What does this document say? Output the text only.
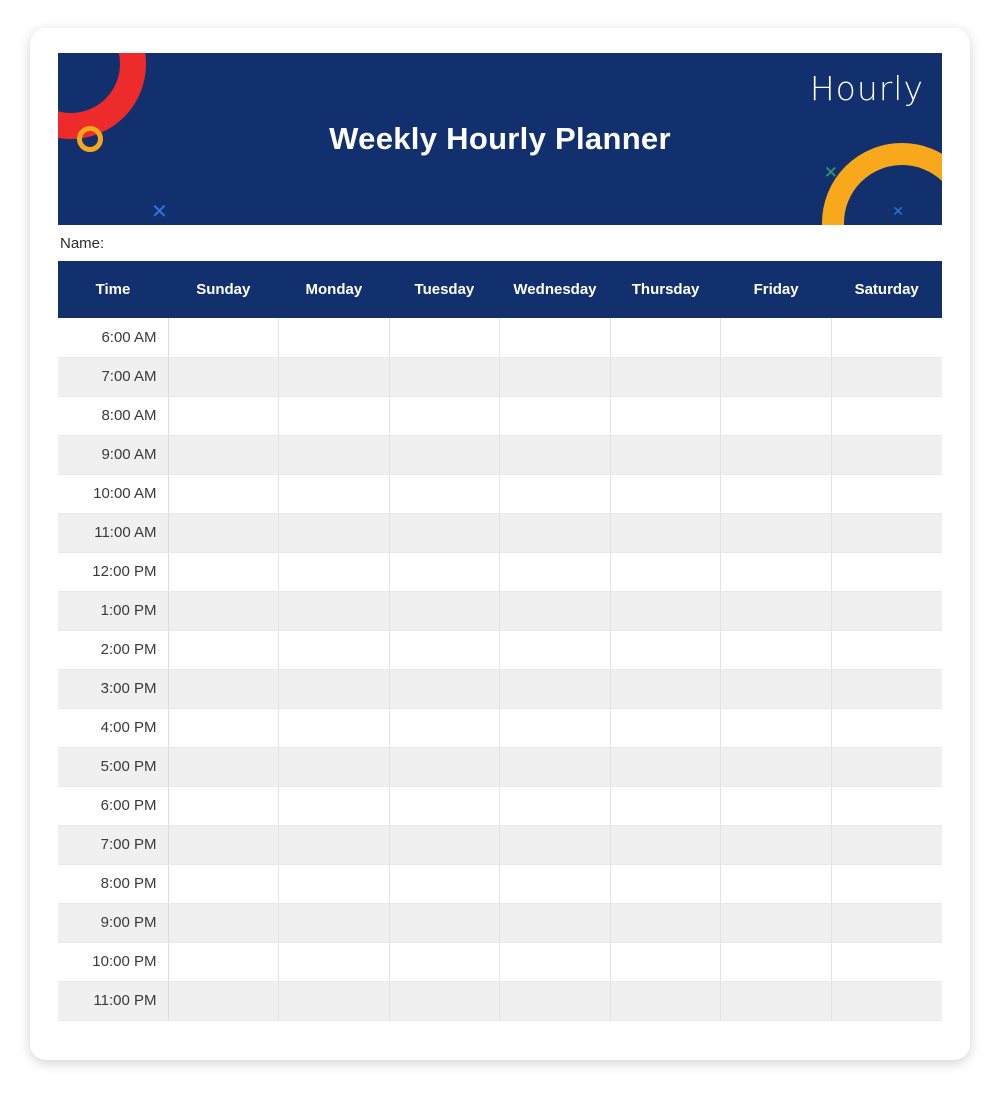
✕
✕
✕
Hourly
Weekly Hourly Planner
Name:
Time	Sunday	Monday	Tuesday	Wednesday	Thursday	Friday	Saturday
6:00 AM							
7:00 AM							
8:00 AM							
9:00 AM							
10:00 AM							
11:00 AM							
12:00 PM							
1:00 PM							
2:00 PM							
3:00 PM							
4:00 PM							
5:00 PM							
6:00 PM							
7:00 PM							
8:00 PM							
9:00 PM							
10:00 PM							
11:00 PM							
